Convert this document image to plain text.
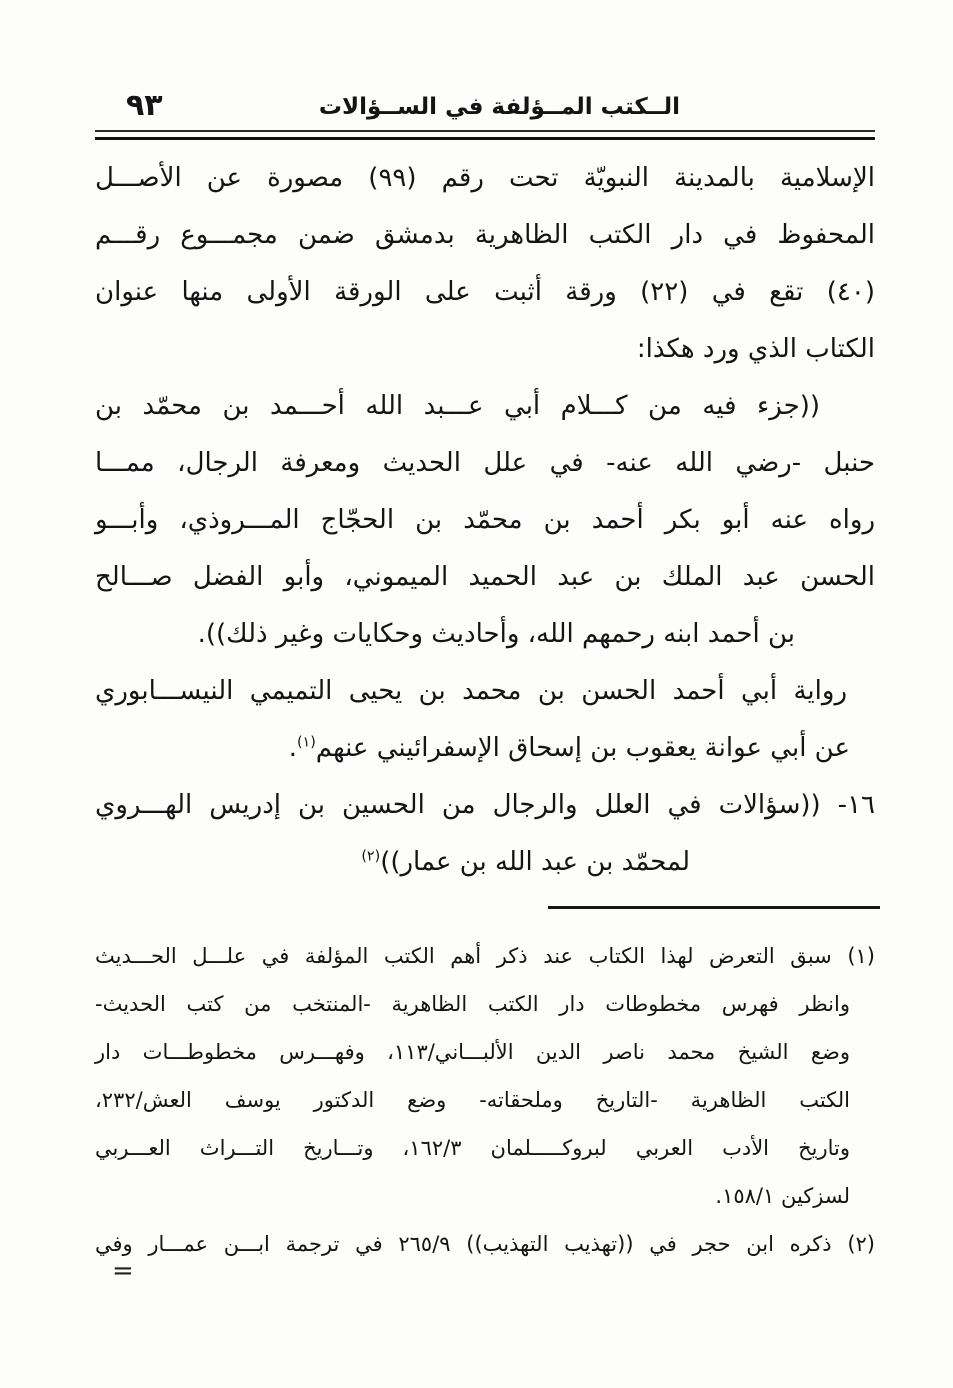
٩٣	الــكتب المــؤلفة في الســؤالات
الإسلامية بالمدينة النبويّة تحت رقم (٩٩) مصورة عن الأصـــل
المحفوظ في دار الكتب الظاهرية بدمشق ضمن مجمـــوع رقـــم
(٤٠) تقع في (٢٢) ورقة أثبت على الورقة الأولى منها عنوان
الكتاب الذي ورد هكذا:
((جزء فيه من كـــلام أبي عـــبد الله أحـــمد بن محمّد بن
حنبل -رضي الله عنه- في علل الحديث ومعرفة الرجال، ممـــا
رواه عنه أبو بكر أحمد بن محمّد بن الحجّاج المـــروذي، وأبـــو
الحسن عبد الملك بن عبد الحميد الميموني، وأبو الفضل صـــالح
بن أحمد ابنه رحمهم الله، وأحاديث وحكايات وغير ذلك)).
رواية أبي أحمد الحسن بن محمد بن يحيى التميمي النيســـابوري
عن أبي عوانة يعقوب بن إسحاق الإسفرائيني عنهم$^{(١)}$.
١٦- ((سؤالات في العلل والرجال من الحسين بن إدريس الهـــروي
لمحمّد بن عبد الله بن عمار))$^{(٢)}$
(١) سبق التعرض لهذا الكتاب عند ذكر أهم الكتب المؤلفة في علـــل الحـــديث
وانظر فهرس مخطوطات دار الكتب الظاهرية -المنتخب من كتب الحديث-
وضع الشيخ محمد ناصر الدين الألبـــاني/١١٣، وفهـــرس مخطوطـــات دار
الكتب الظاهرية -التاريخ وملحقاته- وضع الدكتور يوسف العش/٢٣٢،
وتاريخ الأدب العربي لبروكـــــلمان ١٦٢/٣، وتـــاريخ التـــراث العـــربي
لسزكين ١٥٨/١.
(٢) ذكره ابن حجر في ((تهذيب التهذيب)) ٢٦٥/٩ في ترجمة ابـــن عمـــار وفي
=
